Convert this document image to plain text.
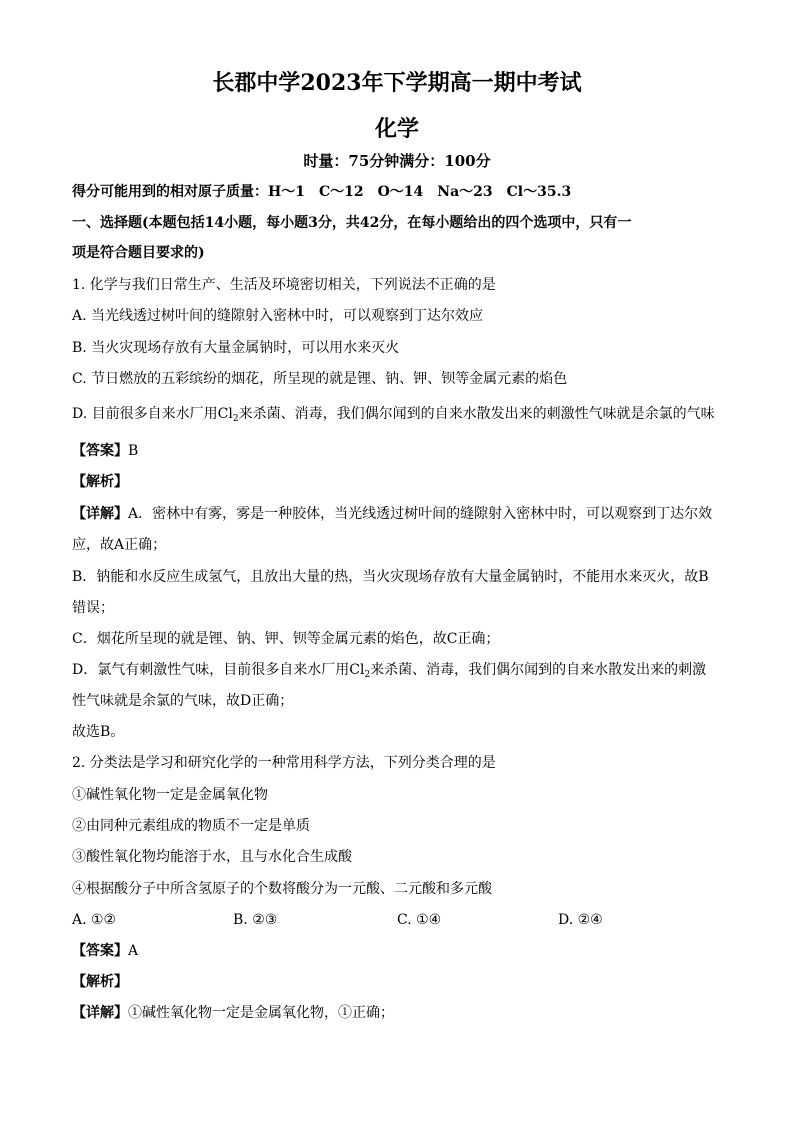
长郡中学2023年下学期高一期中考试
化学
时量：75分钟满分：100分
得分可能用到的相对原子质量：H～1　C～12　O～14　Na～23　Cl～35.3
一、选择题(本题包括14小题，每小题3分，共42分，在每小题给出的四个选项中，只有一
项是符合题目要求的)
1. 化学与我们日常生产、生活及环境密切相关，下列说法不正确的是
A. 当光线透过树叶间的缝隙射入密林中时，可以观察到丁达尔效应
B. 当火灾现场存放有大量金属钠时，可以用水来灭火
C. 节日燃放的五彩缤纷的烟花，所呈现的就是锂、钠、钾、钡等金属元素的焰色
D. 目前很多自来水厂用$Cl_2$来杀菌、消毒，我们偶尔闻到的自来水散发出来的刺激性气味就是余氯的气味
【答案】B
【解析】
【详解】A．密林中有雾，雾是一种胶体，当光线透过树叶间的缝隙射入密林中时，可以观察到丁达尔效
应，故A正确；
B．钠能和水反应生成氢气，且放出大量的热，当火灾现场存放有大量金属钠时，不能用水来灭火，故B
错误；
C．烟花所呈现的就是锂、钠、钾、钡等金属元素的焰色，故C正确；
D．氯气有刺激性气味，目前很多自来水厂用$Cl_2$来杀菌、消毒，我们偶尔闻到的自来水散发出来的刺激
性气味就是余氯的气味，故D正确；
故选B。
2. 分类法是学习和研究化学的一种常用科学方法，下列分类合理的是
①碱性氧化物一定是金属氧化物
②由同种元素组成的物质不一定是单质
③酸性氧化物均能溶于水，且与水化合生成酸
④根据酸分子中所含氢原子的个数将酸分为一元酸、二元酸和多元酸
A. ①②	B. ②③	C. ①④	D. ②④
【答案】A
【解析】
【详解】①碱性氧化物一定是金属氧化物，①正确；
